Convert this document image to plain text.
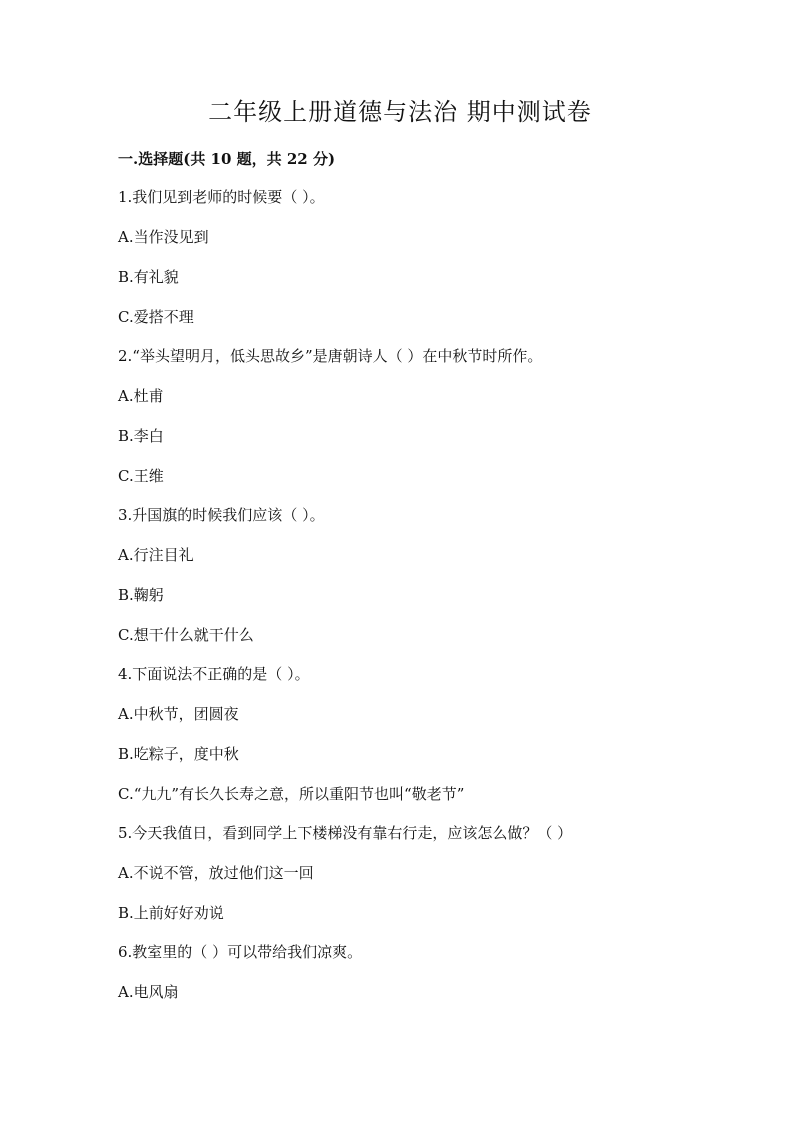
二年级上册道德与法治 期中测试卷
一.选择题(共 10 题，共 22 分)
1.我们见到老师的时候要（ ）。
A.当作没见到
B.有礼貌
C.爱搭不理
2.“举头望明月，低头思故乡”是唐朝诗人（ ）在中秋节时所作。
A.杜甫
B.李白
C.王维
3.升国旗的时候我们应该（ ）。
A.行注目礼
B.鞠躬
C.想干什么就干什么
4.下面说法不正确的是（ ）。
A.中秋节，团圆夜
B.吃粽子，度中秋
C.“九九”有长久长寿之意，所以重阳节也叫“敬老节”
5.今天我值日，看到同学上下楼梯没有靠右行走，应该怎么做？（ ）
A.不说不管，放过他们这一回
B.上前好好劝说
6.教室里的（ ）可以带给我们凉爽。
A.电风扇
